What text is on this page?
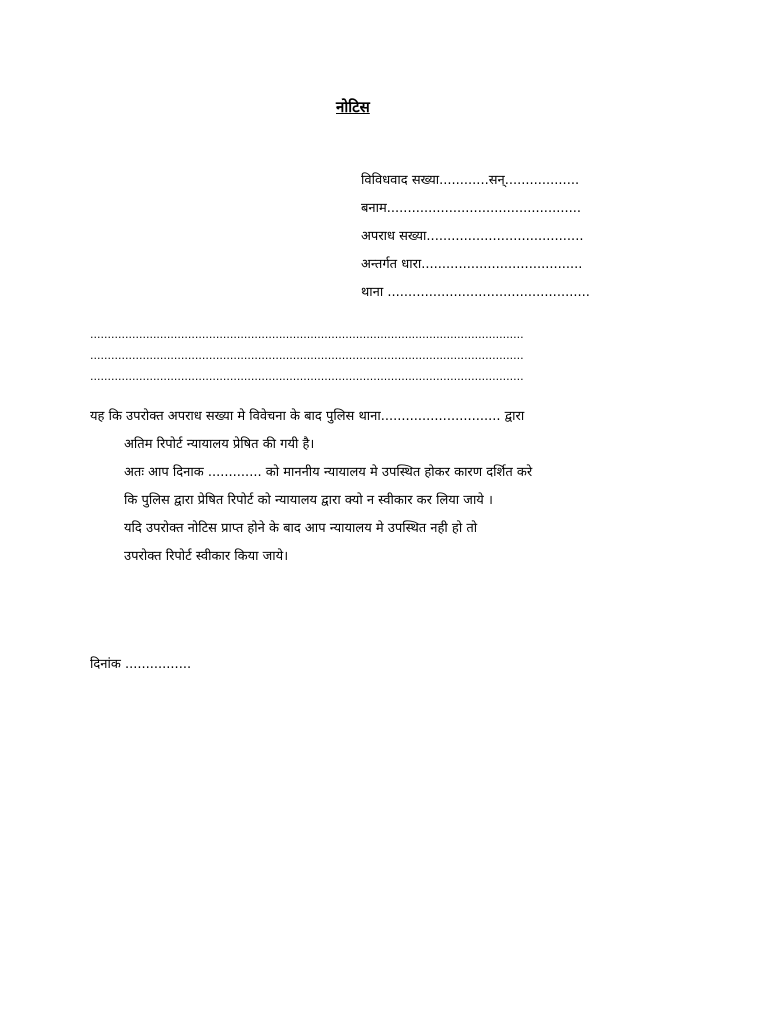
नोटिस
विविधवाद सख्या............सन्..................
बनाम...............................................
अपराध सख्या......................................
अन्तर्गत धारा.......................................
थाना .................................................
............................................................................................................................
............................................................................................................................
............................................................................................................................
यह कि उपरोक्त अपराध सख्या मे विवेचना के बाद पुलिस थाना............................. द्वारा
अतिम रिपोर्ट न्यायालय प्रेषित की गयी है।
अतः आप दिनाक ............. को माननीय न्यायालय मे उपस्थित होकर कारण दर्शित करे
कि पुलिस द्वारा प्रेषित रिपोर्ट को न्यायालय द्वारा क्यो न स्वीकार कर लिया जाये ।
यदि उपरोक्त नोटिस प्राप्त होने के बाद आप न्यायालय मे उपस्थित नही हो तो
उपरोक्त रिपोर्ट स्वीकार किया जाये।
दिनांक ................
